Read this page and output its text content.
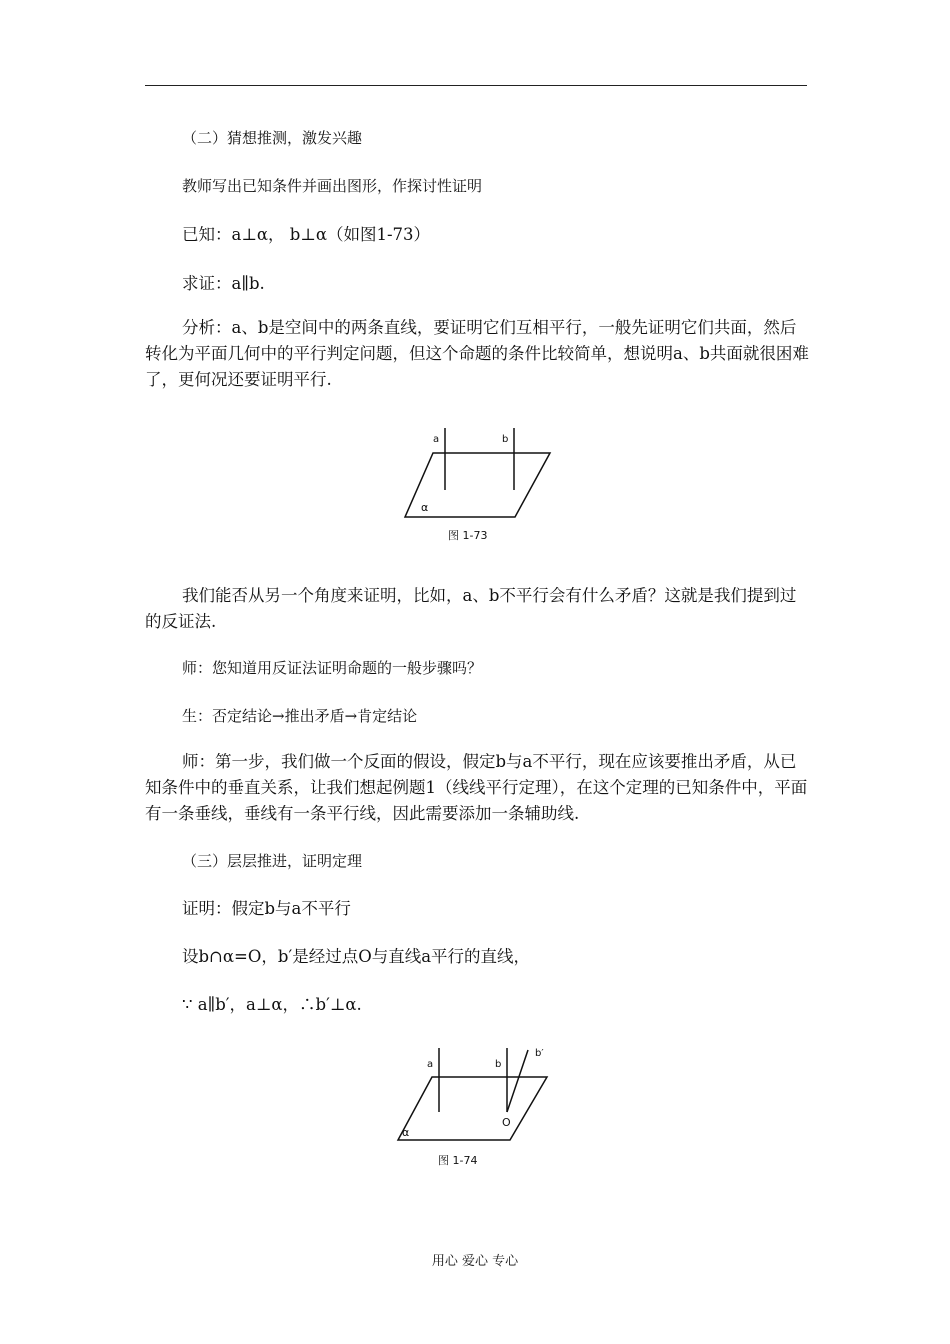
（二）猜想推测，激发兴趣
教师写出已知条件并画出图形，作探讨性证明
已知：a⊥α， b⊥α（如图1-73）
求证：a∥b.
分析：a、b是空间中的两条直线，要证明它们互相平行，一般先证明它们共面，然后转化为平面几何中的平行判定问题，但这个命题的条件比较简单，想说明a、b共面就很困难了，更何况还要证明平行.
a	b
α
图 1-73
我们能否从另一个角度来证明，比如，a、b不平行会有什么矛盾？这就是我们提到过的反证法.
师：您知道用反证法证明命题的一般步骤吗？
生：否定结论→推出矛盾→肯定结论
师：第一步，我们做一个反面的假设，假定b与a不平行，现在应该要推出矛盾，从已知条件中的垂直关系，让我们想起例题1（线线平行定理），在这个定理的已知条件中，平面有一条垂线，垂线有一条平行线，因此需要添加一条辅助线.
（三）层层推进，证明定理
证明：假定b与a不平行
设b∩α=O，b′是经过点O与直线a平行的直线，
∵ a∥b′，a⊥α，∴b′⊥α.
a	b
b′
O
α
图 1-74
用心 爱心 专心
